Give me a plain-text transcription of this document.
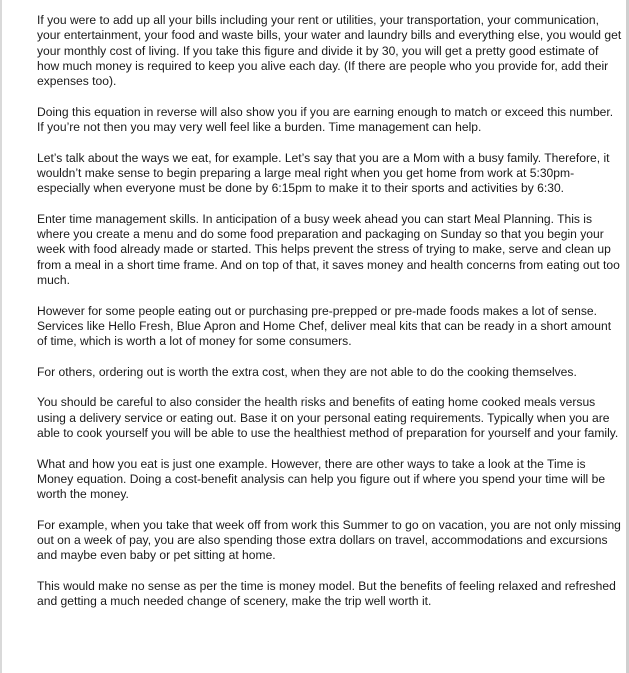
If you were to add up all your bills including your rent or utilities, your transportation, your communication, your entertainment, your food and waste bills, your water and laundry bills and everything else, you would get your monthly cost of living. If you take this figure and divide it by 30, you will get a pretty good estimate of how much money is required to keep you alive each day. (If there are people who you provide for, add their expenses too).

Doing this equation in reverse will also show you if you are earning enough to match or exceed this number. If you’re not then you may very well feel like a burden. Time management can help.

Let’s talk about the ways we eat, for example. Let’s say that you are a Mom with a busy family. Therefore, it wouldn’t make sense to begin preparing a large meal right when you get home from work at 5:30pm- especially when everyone must be done by 6:15pm to make it to their sports and activities by 6:30.

Enter time management skills. In anticipation of a busy week ahead you can start Meal Planning. This is where you create a menu and do some food preparation and packaging on Sunday so that you begin your week with food already made or started. This helps prevent the stress of trying to make, serve and clean up from a meal in a short time frame. And on top of that, it saves money and health concerns from eating out too much.

However for some people eating out or purchasing pre-prepped or pre-made foods makes a lot of sense. Services like Hello Fresh, Blue Apron and Home Chef, deliver meal kits that can be ready in a short amount of time, which is worth a lot of money for some consumers.

For others, ordering out is worth the extra cost, when they are not able to do the cooking themselves.

You should be careful to also consider the health risks and benefits of eating home cooked meals versus using a delivery service or eating out. Base it on your personal eating requirements. Typically when you are able to cook yourself you will be able to use the healthiest method of preparation for yourself and your family.

What and how you eat is just one example. However, there are other ways to take a look at the Time is Money equation. Doing a cost-benefit analysis can help you figure out if where you spend your time will be worth the money.

For example, when you take that week off from work this Summer to go on vacation, you are not only missing out on a week of pay, you are also spending those extra dollars on travel, accommodations and excursions and maybe even baby or pet sitting at home.

This would make no sense as per the time is money model. But the benefits of feeling relaxed and refreshed and getting a much needed change of scenery, make the trip well worth it.
